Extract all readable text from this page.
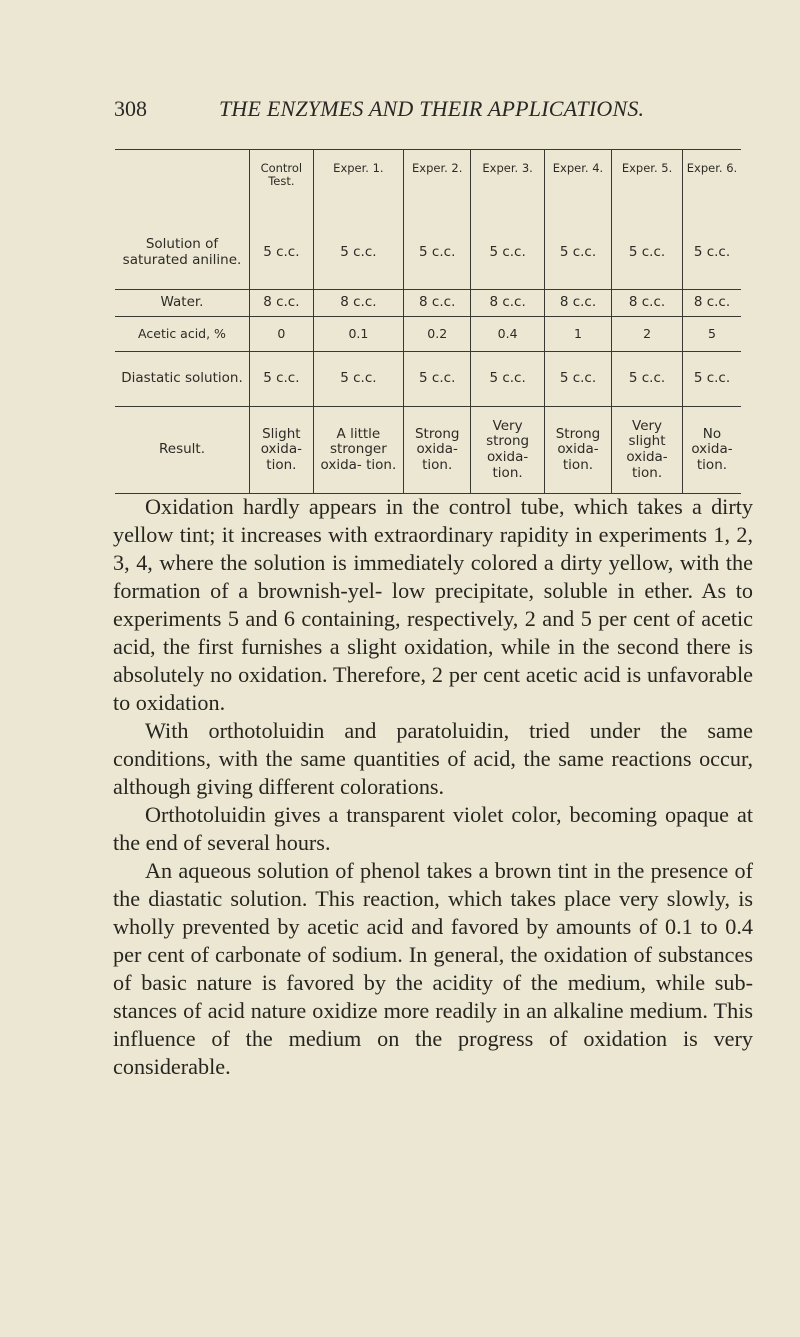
308	THE ENZYMES AND THEIR APPLICATIONS.
	Control Test.	Exper. 1.	Exper. 2.	Exper. 3.	Exper. 4.	Exper. 5.	Exper. 6.
Solution of saturated aniline.	5 c.c.	5 c.c.	5 c.c.	5 c.c.	5 c.c.	5 c.c.	5 c.c.
Water.	8 c.c.	8 c.c.	8 c.c.	8 c.c.	8 c.c.	8 c.c.	8 c.c.
Acetic acid, %	0	0.1	0.2	0.4	1	2	5
Diastatic solution.	5 c.c.	5 c.c.	5 c.c.	5 c.c.	5 c.c.	5 c.c.	5 c.c.
Result.	Slight oxida- tion.	A little stronger oxida- tion.	Strong oxida- tion.	Very strong oxida- tion.	Strong oxida- tion.	Very slight oxida- tion.	No oxida- tion.

Oxidation hardly appears in the control tube, which takes a dirty yellow tint; it increases with extraordinary rapidity in experiments 1, 2, 3, 4, where the solution is immediately colored a dirty yellow, with the formation of a brownish-yel- low precipitate, soluble in ether. As to experiments 5 and 6 containing, respectively, 2 and 5 per cent of acetic acid, the first furnishes a slight oxidation, while in the second there is absolutely no oxidation. Therefore, 2 per cent acetic acid is unfavorable to oxidation.

With orthotoluidin and paratoluidin, tried under the same conditions, with the same quantities of acid, the same reactions occur, although giving different colorations.

Orthotoluidin gives a transparent violet color, becoming opaque at the end of several hours.

An aqueous solution of phenol takes a brown tint in the presence of the diastatic solution. This reaction, which takes place very slowly, is wholly prevented by acetic acid and favored by amounts of 0.1 to 0.4 per cent of carbonate of sodium. In general, the oxidation of substances of basic nature is favored by the acidity of the medium, while sub- stances of acid nature oxidize more readily in an alkaline medium. This influence of the medium on the progress of oxidation is very considerable.
